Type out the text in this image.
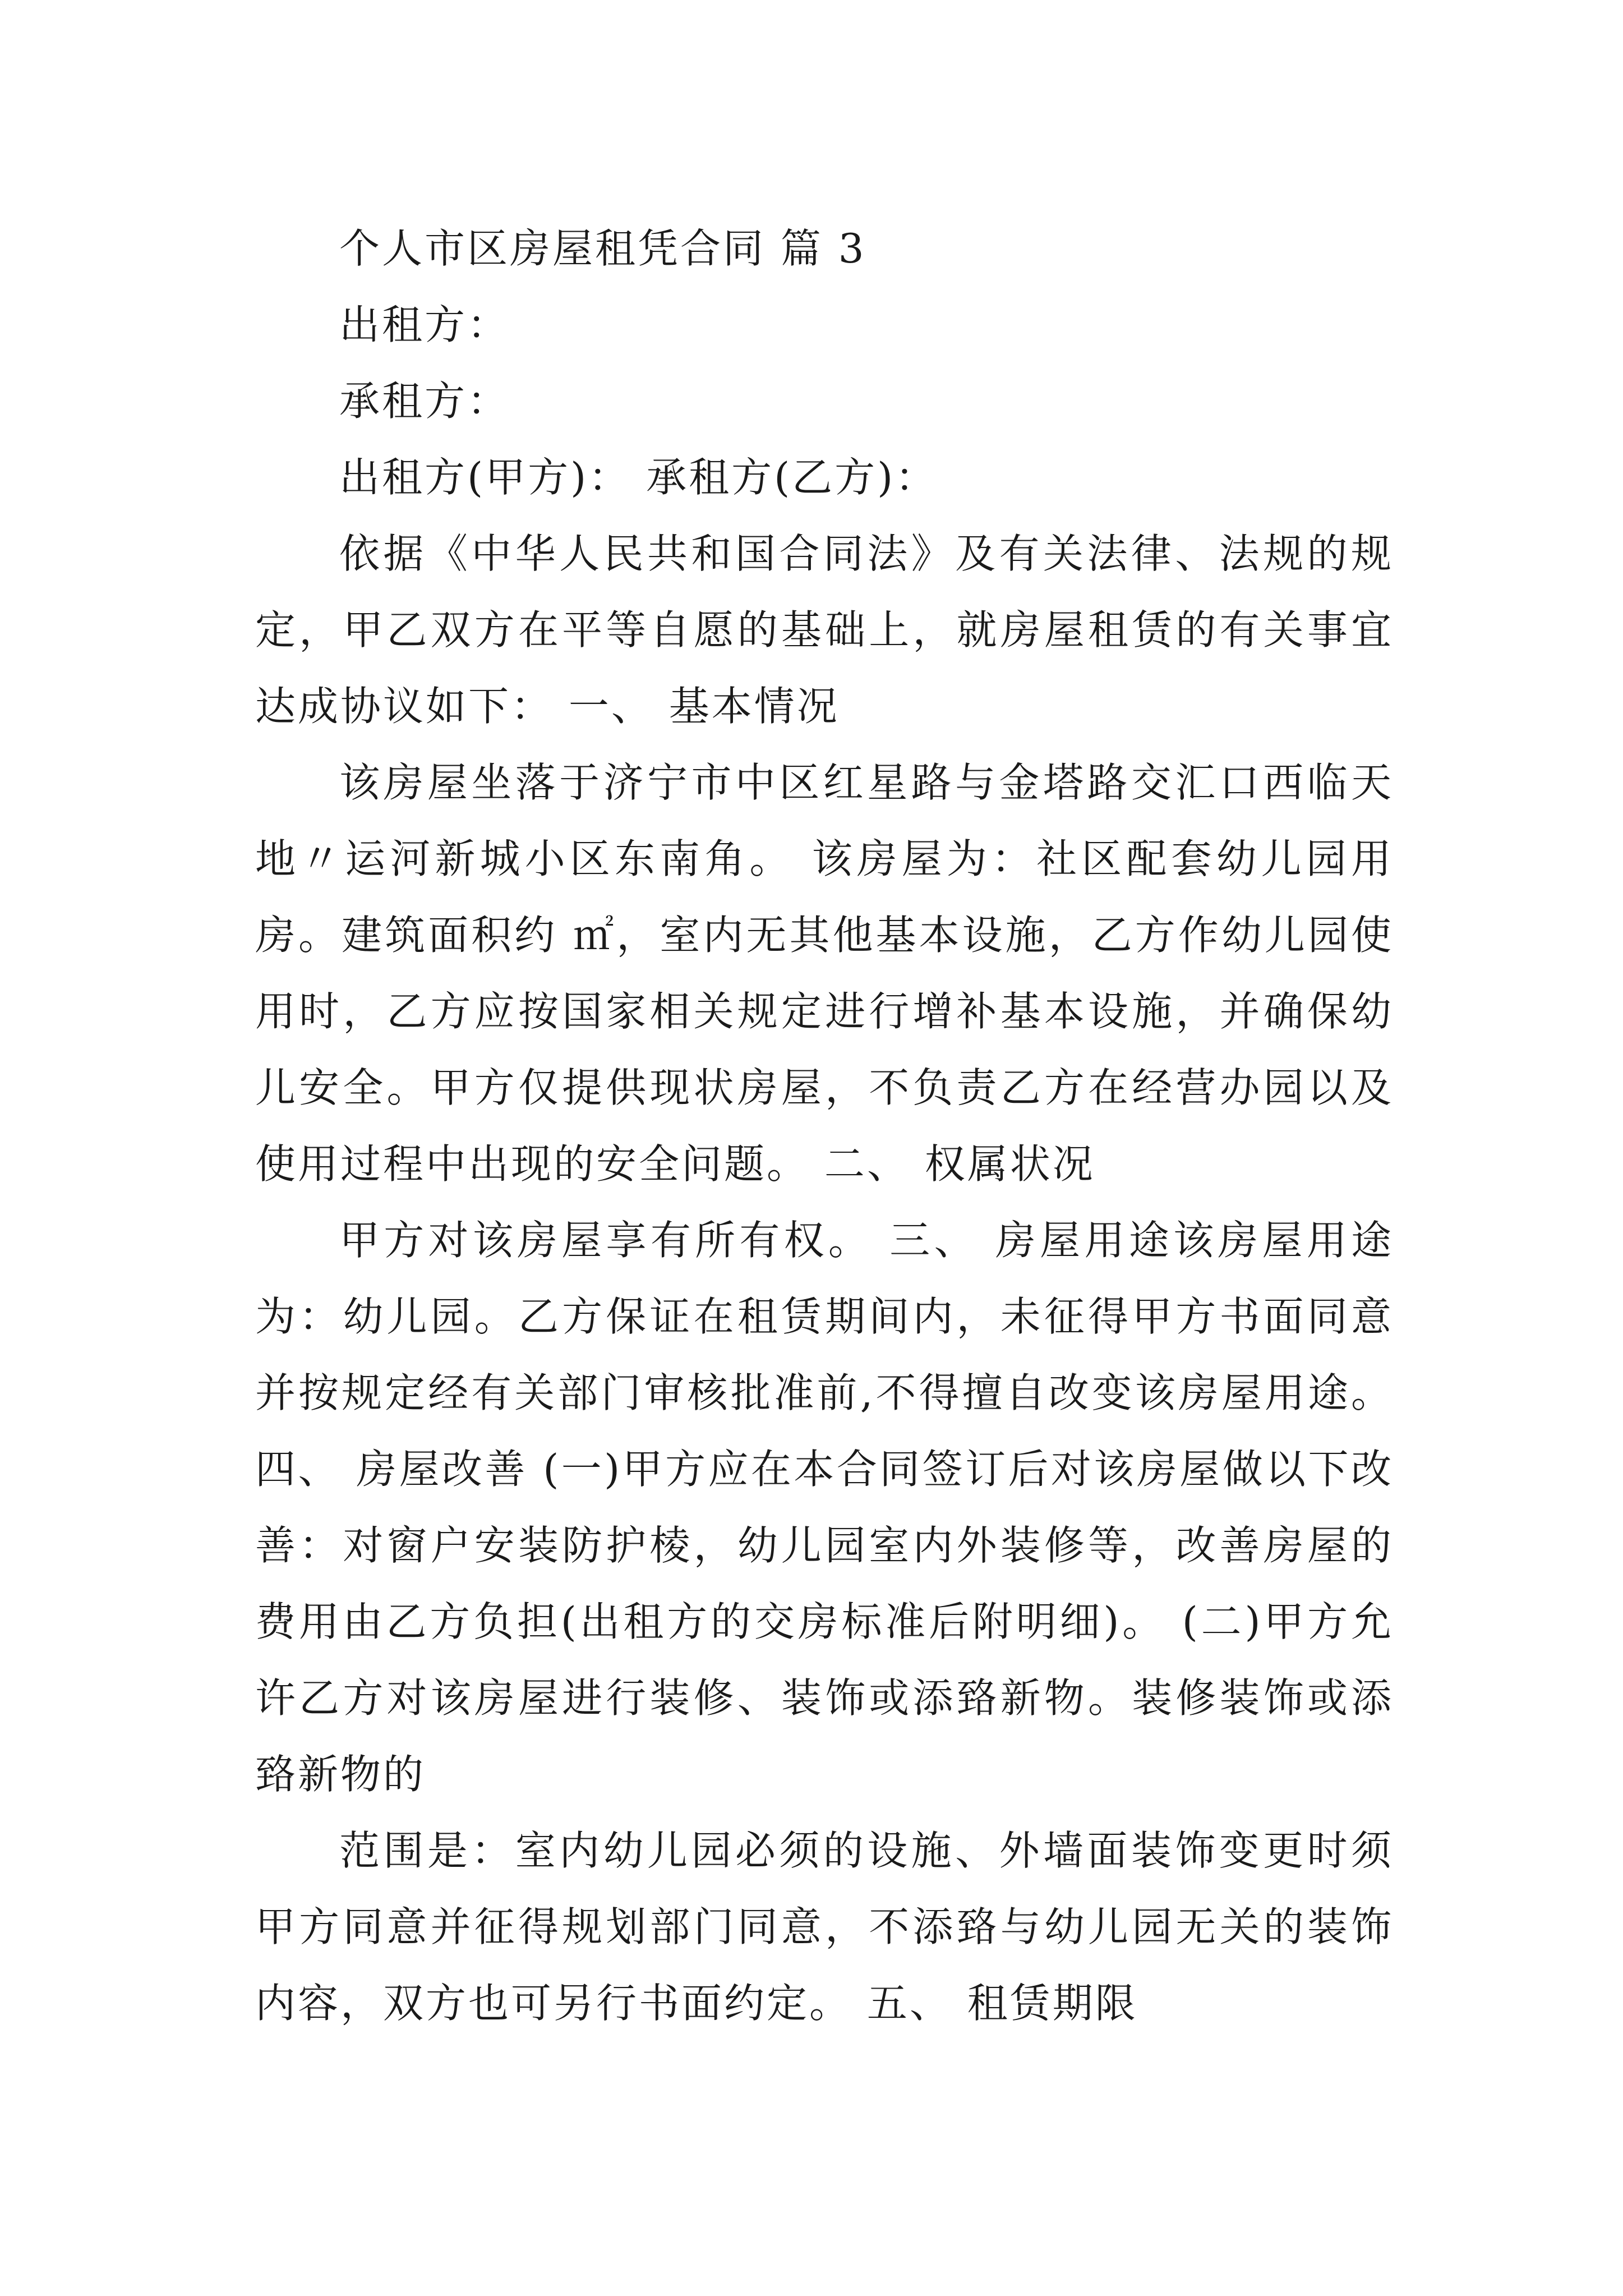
个人市区房屋租凭合同 篇 3

出租方：

承租方：

出租方(甲方)： 承租方(乙方)：

依据《中华人民共和国合同法》及有关法律、法规的规定，甲乙双方在平等自愿的基础上，就房屋租赁的有关事宜达成协议如下： 一、 基本情况

该房屋坐落于济宁市中区红星路与金塔路交汇口西临天地〃运河新城小区东南角。 该房屋为：社区配套幼儿园用房。建筑面积约 ㎡，室内无其他基本设施，乙方作幼儿园使用时，乙方应按国家相关规定进行增补基本设施，并确保幼儿安全。甲方仅提供现状房屋，不负责乙方在经营办园以及使用过程中出现的安全问题。 二、 权属状况

甲方对该房屋享有所有权。 三、 房屋用途该房屋用途为：幼儿园。乙方保证在租赁期间内，未征得甲方书面同意并按规定经有关部门审核批准前,不得擅自改变该房屋用途。四、 房屋改善 (一)甲方应在本合同签订后对该房屋做以下改善：对窗户安装防护棱，幼儿园室内外装修等，改善房屋的费用由乙方负担(出租方的交房标准后附明细)。 (二)甲方允许乙方对该房屋进行装修、装饰或添臵新物。装修装饰或添臵新物的

范围是：室内幼儿园必须的设施、外墙面装饰变更时须甲方同意并征得规划部门同意，不添臵与幼儿园无关的装饰内容，双方也可另行书面约定。 五、 租赁期限
